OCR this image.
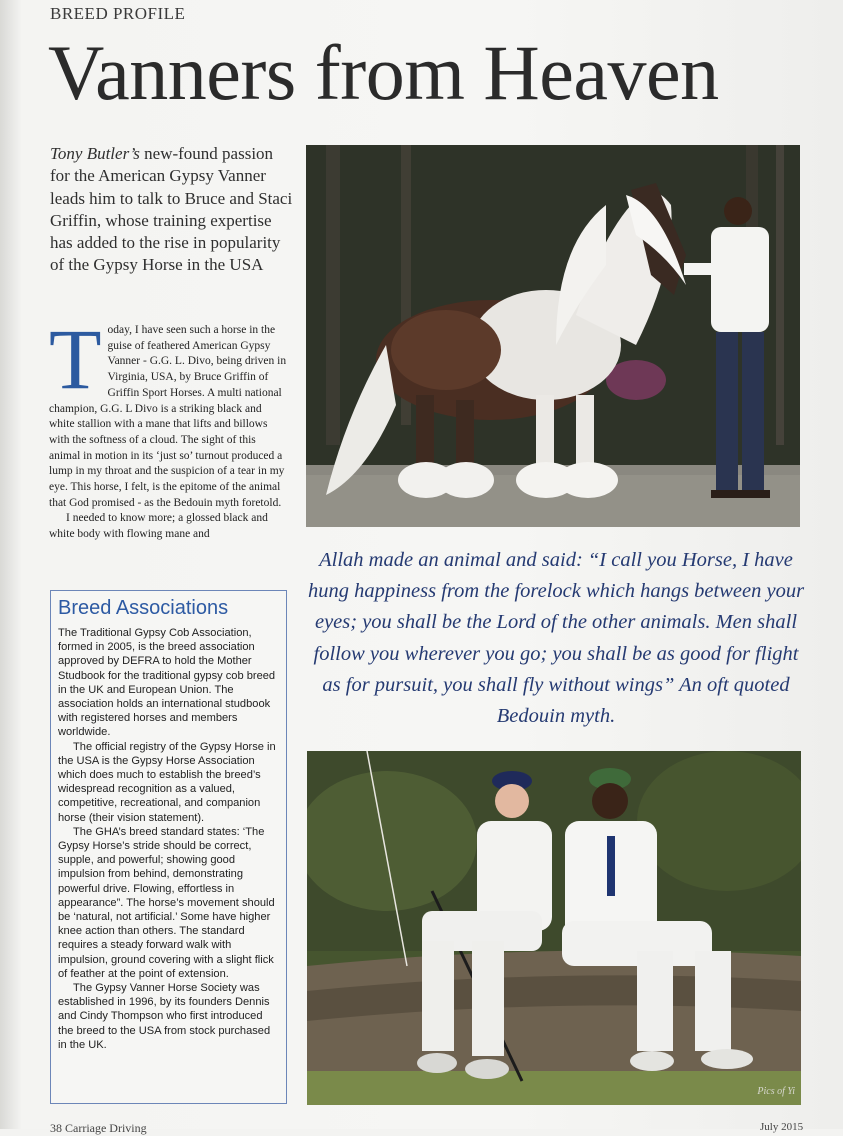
BREED PROFILE
Vanners from Heaven
Tony Butler’s new-found passion for the American Gypsy Vanner leads him to talk to Bruce and Staci Griffin, whose training expertise has added to the rise in popularity of the Gypsy Horse in the USA

Today, I have seen such a horse in the guise of feathered American Gypsy Vanner - G.G. L. Divo, being driven in Virginia, USA, by Bruce Griffin of Griffin Sport Horses. A multi national champion, G.G. L Divo is a striking black and white stallion with a mane that lifts and billows with the softness of a cloud. The sight of this animal in motion in its ‘just so’ turnout produced a lump in my throat and the suspicion of a tear in my eye. This horse, I felt, is the epitome of the animal that God promised - as the Bedouin myth foretold.

I needed to know more; a glossed black and white body with flowing mane and

Allah made an animal and said: “I call you Horse, I have hung happiness from the forelock which hangs between your eyes; you shall be the Lord of the other animals. Men shall follow you wherever you go; you shall be as good for flight as for pursuit, you shall fly without wings” An oft quoted Bedouin myth.
Pics of Yi
Breed Associations

The Traditional Gypsy Cob Association, formed in 2005, is the breed association approved by DEFRA to hold the Mother Studbook for the traditional gypsy cob breed in the UK and European Union. The association holds an international studbook with registered horses and members worldwide.

The official registry of the Gypsy Horse in the USA is the Gypsy Horse Association which does much to establish the breed’s widespread recognition as a valued, competitive, recreational, and companion horse (their vision statement).

The GHA’s breed standard states: ‘The Gypsy Horse’s stride should be correct, supple, and powerful; showing good impulsion from behind, demonstrating powerful drive. Flowing, effortless in appearance”. The horse’s movement should be ‘natural, not artificial.’ Some have higher knee action than others. The standard requires a steady forward walk with impulsion, ground covering with a slight flick of feather at the point of extension.

The Gypsy Vanner Horse Society was established in 1996, by its founders Dennis and Cindy Thompson who first introduced the breed to the USA from stock purchased in the UK.

38 Carriage Driving	July 2015
